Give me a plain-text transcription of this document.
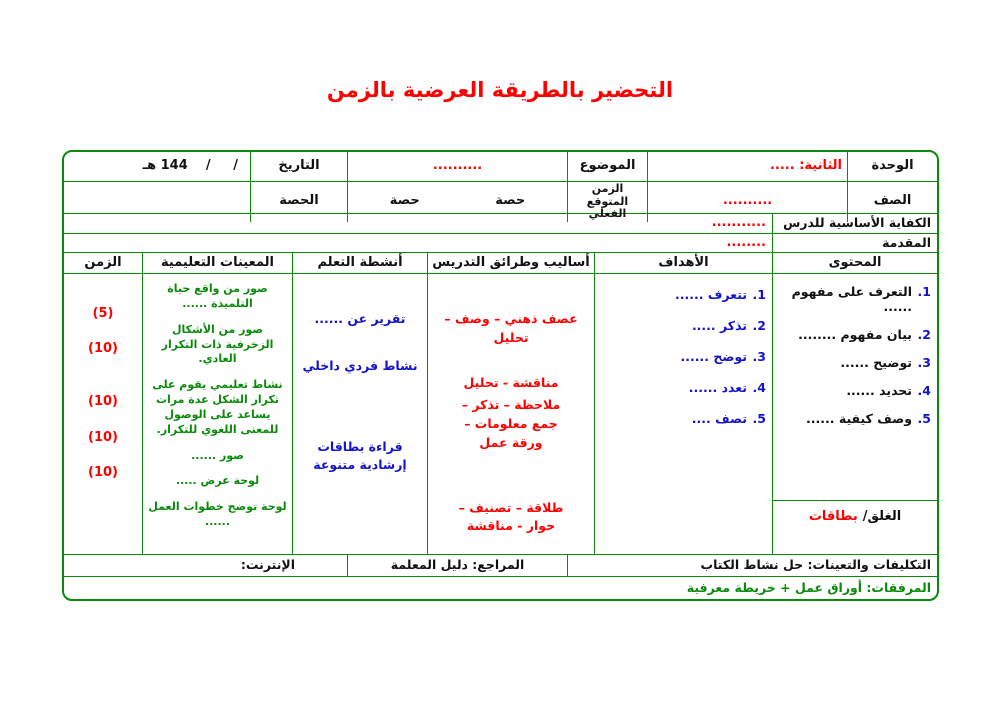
التحضير بالطريقة العرضية بالزمن
الوحدة
الثانية: .....
الموضوع
..........
التاريخ
/     /    144 هـ
الصف
..........
الزمن المتوقع الفعلي
حصة
حصة
الحصة
الكفاية الأساسية للدرس
...........
المقدمة
........
المحتوى
الأهداف
أساليب وطرائق التدريس
أنشطة التعلم
المعينات التعليمية
الزمن
1.
التعرف على مفهوم ......
2.
بيان مفهوم ........
3.
توضيح ......
4.
تحديد ......
5.
وصف كيفية ......
الغلق/
بطاقات
1.
تتعرف ......
2.
تذكر .....
3.
توضح ......
4.
تعدد ......
5.
تصف ....
عصف ذهني – وصف – تحليل
مناقشة - تحليل
ملاحظة – تذكر – جمع معلومات – ورقة عمل
طلاقة – تصنيف – حوار - مناقشة
تقرير عن ......
نشاط فردي داخلي
قراءة بطاقات إرشادية متنوعة
صور من واقع حياة التلميذة ......
صور من الأشكال الزخرفية ذات التكرار العادي.
نشاط تعليمي يقوم على تكرار الشكل عدة مرات يساعد على الوصول للمعنى اللغوي للتكرار.
صور ......
لوحة عرض .....
لوحة توضح خطوات العمل ......
(5)
(10)
(10)
(10)
(10)
التكليفات والتعينات: حل نشاط الكتاب
المراجع: دليل المعلمة
الإنترنت:
المرفقات: أوراق عمل + خريطة معرفية
